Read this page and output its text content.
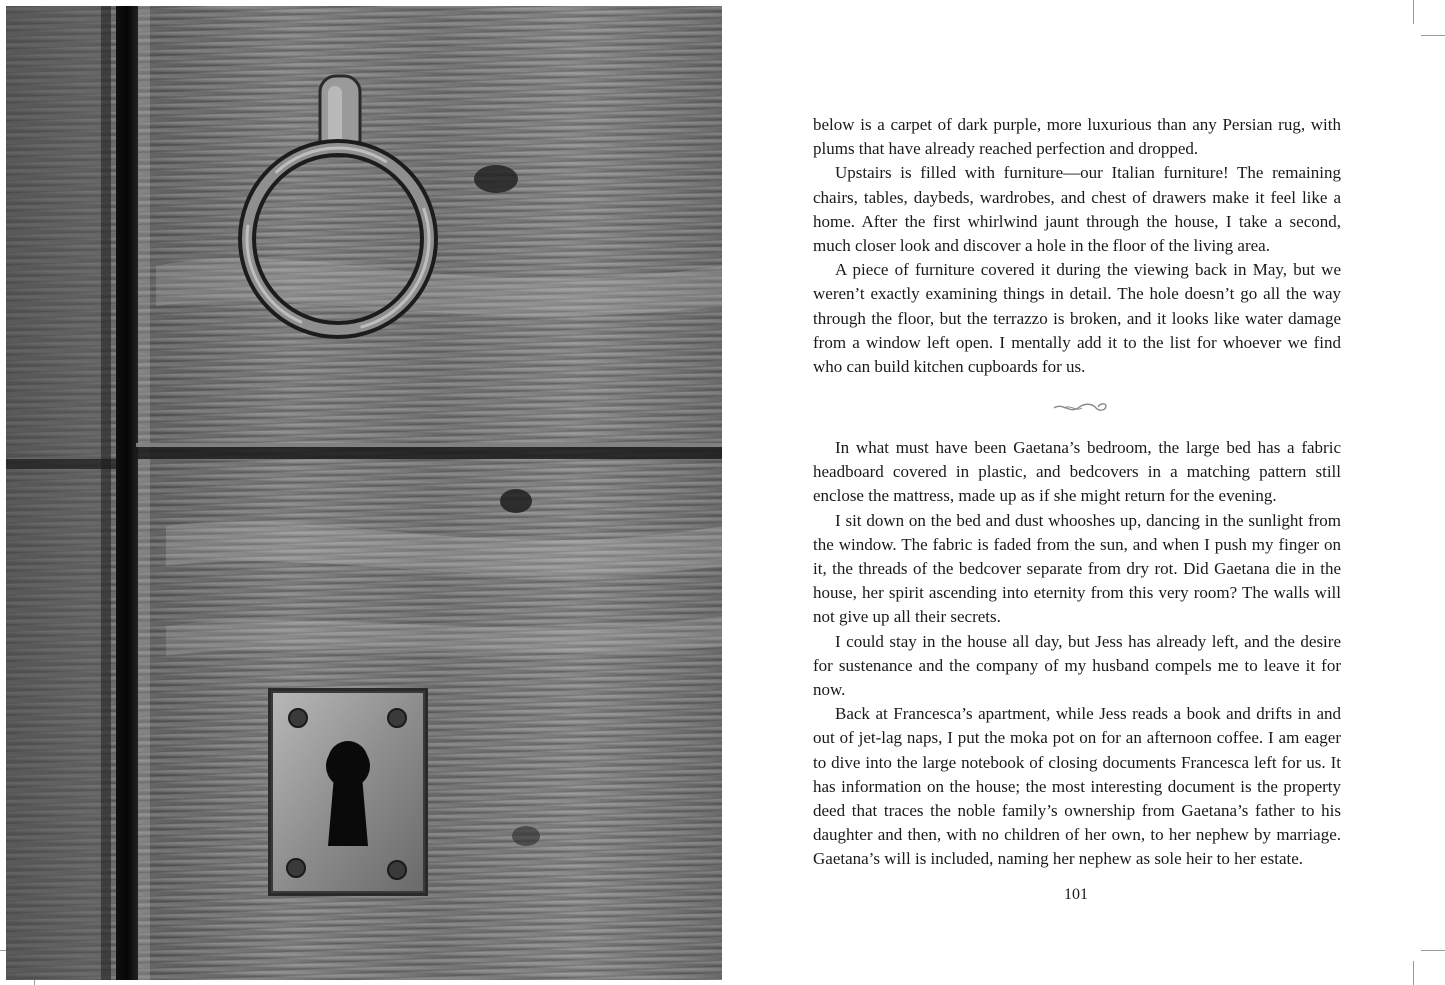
below is a carpet of dark purple, more luxurious than any Persian rug, with plums that have already reached perfection and dropped.

Upstairs is filled with furniture—our Italian furniture! The remaining chairs, tables, daybeds, wardrobes, and chest of drawers make it feel like a home. After the first whirlwind jaunt through the house, I take a second, much closer look and discover a hole in the floor of the living area.

A piece of furniture covered it during the viewing back in May, but we weren’t exactly examining things in detail. The hole doesn’t go all the way through the floor, but the terrazzo is broken, and it looks like water damage from a window left open. I mentally add it to the list for whoever we find who can build kitchen cupboards for us.

In what must have been Gaetana’s bedroom, the large bed has a fabric headboard covered in plastic, and bedcovers in a matching pattern still enclose the mattress, made up as if she might return for the evening.

I sit down on the bed and dust whooshes up, dancing in the sunlight from the window. The fabric is faded from the sun, and when I push my finger on it, the threads of the bedcover separate from dry rot. Did Gaetana die in the house, her spirit ascending into eternity from this very room? The walls will not give up all their secrets.

I could stay in the house all day, but Jess has already left, and the desire for sustenance and the company of my husband compels me to leave it for now.

Back at Francesca’s apartment, while Jess reads a book and drifts in and out of jet-lag naps, I put the moka pot on for an afternoon coffee. I am eager to dive into the large notebook of closing documents Francesca left for us. It has information on the house; the most interesting document is the property deed that traces the noble family’s ownership from Gaetana’s father to his daughter and then, with no children of her own, to her nephew by marriage. Gaetana’s will is included, naming her nephew as sole heir to her estate.

101
